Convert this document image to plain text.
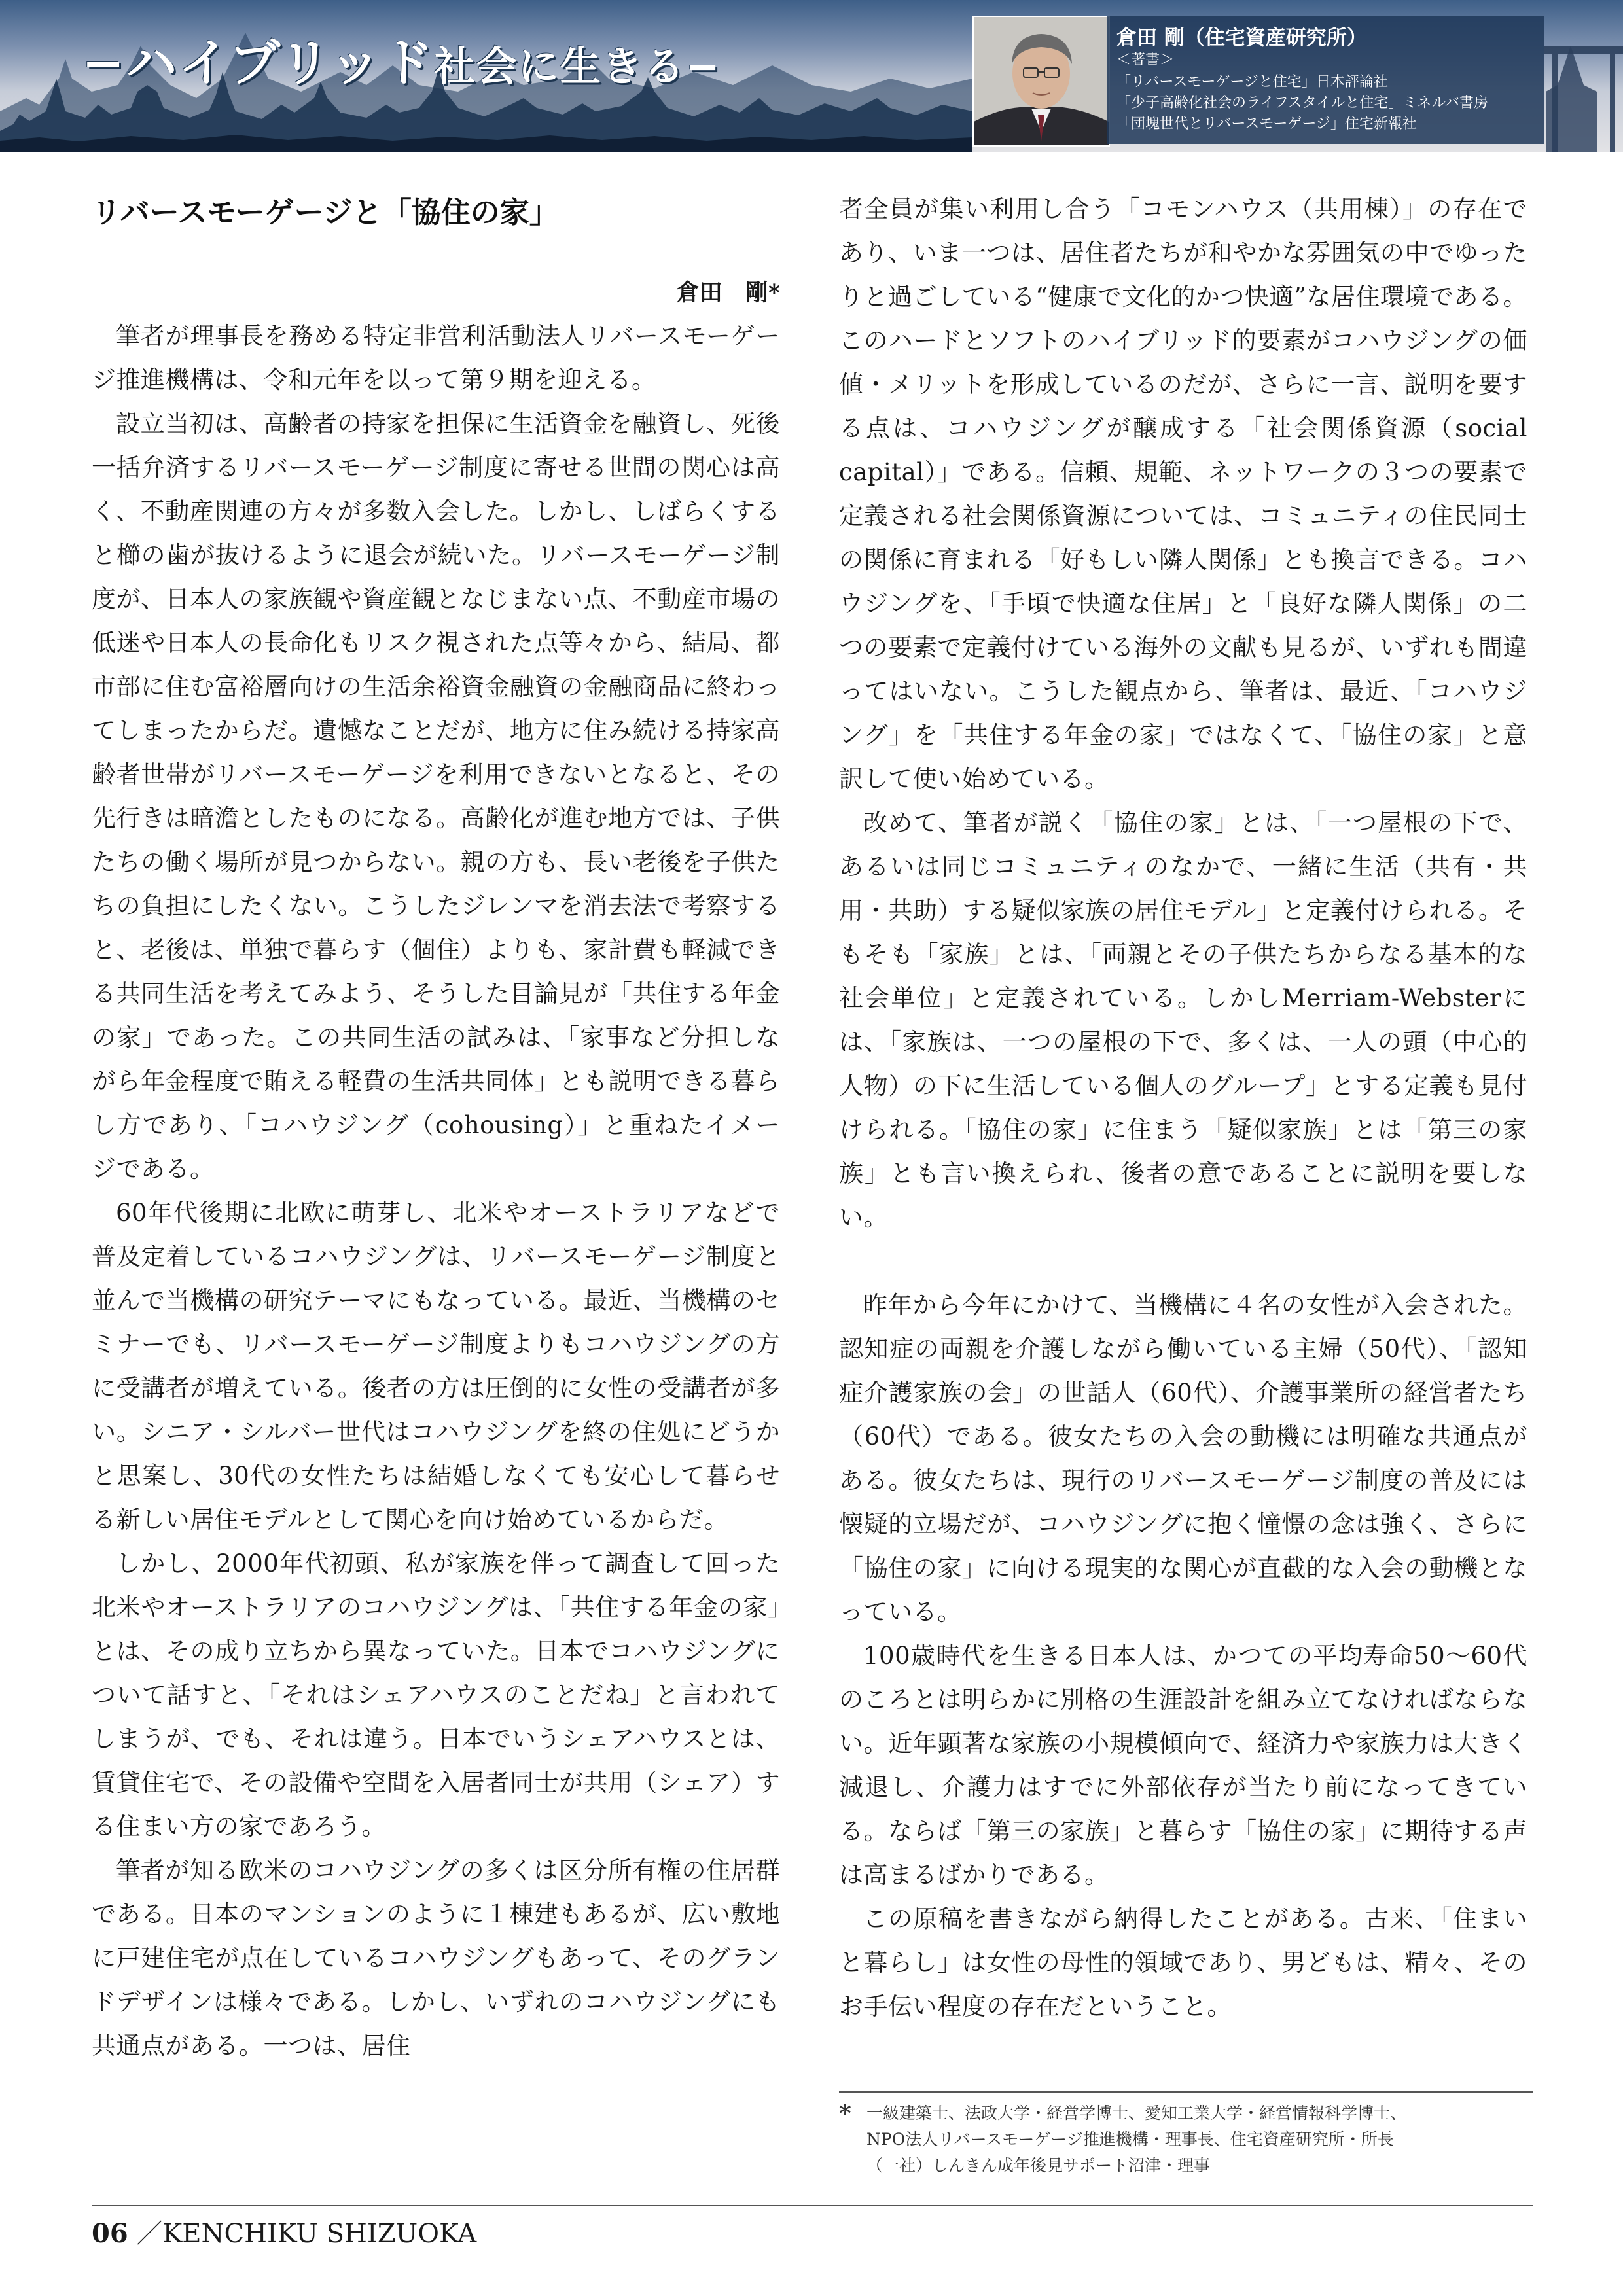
−ハイブリッド社会に生きる−
倉田 剛（住宅資産研究所）
＜著書＞
「リバースモーゲージと住宅」日本評論社
「少子高齢化社会のライフスタイルと住宅」ミネルバ書房
「団塊世代とリバースモーゲージ」住宅新報社
リバースモーゲージと「協住の家」
倉田　剛*

筆者が理事長を務める特定非営利活動法人リバースモーゲージ推進機構は、令和元年を以って第９期を迎える。

設立当初は、高齢者の持家を担保に生活資金を融資し、死後一括弁済するリバースモーゲージ制度に寄せる世間の関心は高く、不動産関連の方々が多数入会した。しかし、しばらくすると櫛の歯が抜けるように退会が続いた。リバースモーゲージ制度が、日本人の家族観や資産観となじまない点、不動産市場の低迷や日本人の長命化もリスク視された点等々から、結局、都市部に住む富裕層向けの生活余裕資金融資の金融商品に終わってしまったからだ。遺憾なことだが、地方に住み続ける持家高齢者世帯がリバースモーゲージを利用できないとなると、その先行きは暗澹としたものになる。高齢化が進む地方では、子供たちの働く場所が見つからない。親の方も、長い老後を子供たちの負担にしたくない。こうしたジレンマを消去法で考察すると、老後は、単独で暮らす（個住）よりも、家計費も軽減できる共同生活を考えてみよう、そうした目論見が「共住する年金の家」であった。この共同生活の試みは、「家事など分担しながら年金程度で賄える軽費の生活共同体」とも説明できる暮らし方であり、「コハウジング（cohousing）」と重ねたイメージである。

60年代後期に北欧に萌芽し、北米やオーストラリアなどで普及定着しているコハウジングは、リバースモーゲージ制度と並んで当機構の研究テーマにもなっている。最近、当機構のセミナーでも、リバースモーゲージ制度よりもコハウジングの方に受講者が増えている。後者の方は圧倒的に女性の受講者が多い。シニア・シルバー世代はコハウジングを終の住処にどうかと思案し、30代の女性たちは結婚しなくても安心して暮らせる新しい居住モデルとして関心を向け始めているからだ。

しかし、2000年代初頭、私が家族を伴って調査して回った北米やオーストラリアのコハウジングは、「共住する年金の家」とは、その成り立ちから異なっていた。日本でコハウジングについて話すと、「それはシェアハウスのことだね」と言われてしまうが、でも、それは違う。日本でいうシェアハウスとは、賃貸住宅で、その設備や空間を入居者同士が共用（シェア）する住まい方の家であろう。

筆者が知る欧米のコハウジングの多くは区分所有権の住居群である。日本のマンションのように１棟建もあるが、広い敷地に戸建住宅が点在しているコハウジングもあって、そのグランドデザインは様々である。しかし、いずれのコハウジングにも共通点がある。一つは、居住

者全員が集い利用し合う「コモンハウス（共用棟）」の存在であり、いま一つは、居住者たちが和やかな雰囲気の中でゆったりと過ごしている“健康で文化的かつ快適”な居住環境である。このハードとソフトのハイブリッド的要素がコハウジングの価値・メリットを形成しているのだが、さらに一言、説明を要する点は、コハウジングが醸成する「社会関係資源（social capital）」である。信頼、規範、ネットワークの３つの要素で定義される社会関係資源については、コミュニティの住民同士の関係に育まれる「好もしい隣人関係」とも換言できる。コハウジングを、「手頃で快適な住居」と「良好な隣人関係」の二つの要素で定義付けている海外の文献も見るが、いずれも間違ってはいない。こうした観点から、筆者は、最近、「コハウジング」を「共住する年金の家」ではなくて、「協住の家」と意訳して使い始めている。

改めて、筆者が説く「協住の家」とは、「一つ屋根の下で、あるいは同じコミュニティのなかで、一緒に生活（共有・共用・共助）する疑似家族の居住モデル」と定義付けられる。そもそも「家族」とは、「両親とその子供たちからなる基本的な社会単位」と定義されている。しかしMerriam-Websterには、「家族は、一つの屋根の下で、多くは、一人の頭（中心的人物）の下に生活している個人のグループ」とする定義も見付けられる。「協住の家」に住まう「疑似家族」とは「第三の家族」とも言い換えられ、後者の意であることに説明を要しない。

昨年から今年にかけて、当機構に４名の女性が入会された。認知症の両親を介護しながら働いている主婦（50代）、「認知症介護家族の会」の世話人（60代）、介護事業所の経営者たち（60代）である。彼女たちの入会の動機には明確な共通点がある。彼女たちは、現行のリバースモーゲージ制度の普及には懐疑的立場だが、コハウジングに抱く憧憬の念は強く、さらに「協住の家」に向ける現実的な関心が直截的な入会の動機となっている。

100歳時代を生きる日本人は、かつての平均寿命50〜60代のころとは明らかに別格の生涯設計を組み立てなければならない。近年顕著な家族の小規模傾向で、経済力や家族力は大きく減退し、介護力はすでに外部依存が当たり前になってきている。ならば「第三の家族」と暮らす「協住の家」に期待する声は高まるばかりである。

この原稿を書きながら納得したことがある。古来、「住まいと暮らし」は女性の母性的領域であり、男どもは、精々、そのお手伝い程度の存在だということ。

* 一級建築士、法政大学・経営学博士、愛知工業大学・経営情報科学博士、
NPO法人リバースモーゲージ推進機構・理事長、住宅資産研究所・所長
（一社）しんきん成年後見サポート沼津・理事
06 ／KENCHIKU SHIZUOKA
